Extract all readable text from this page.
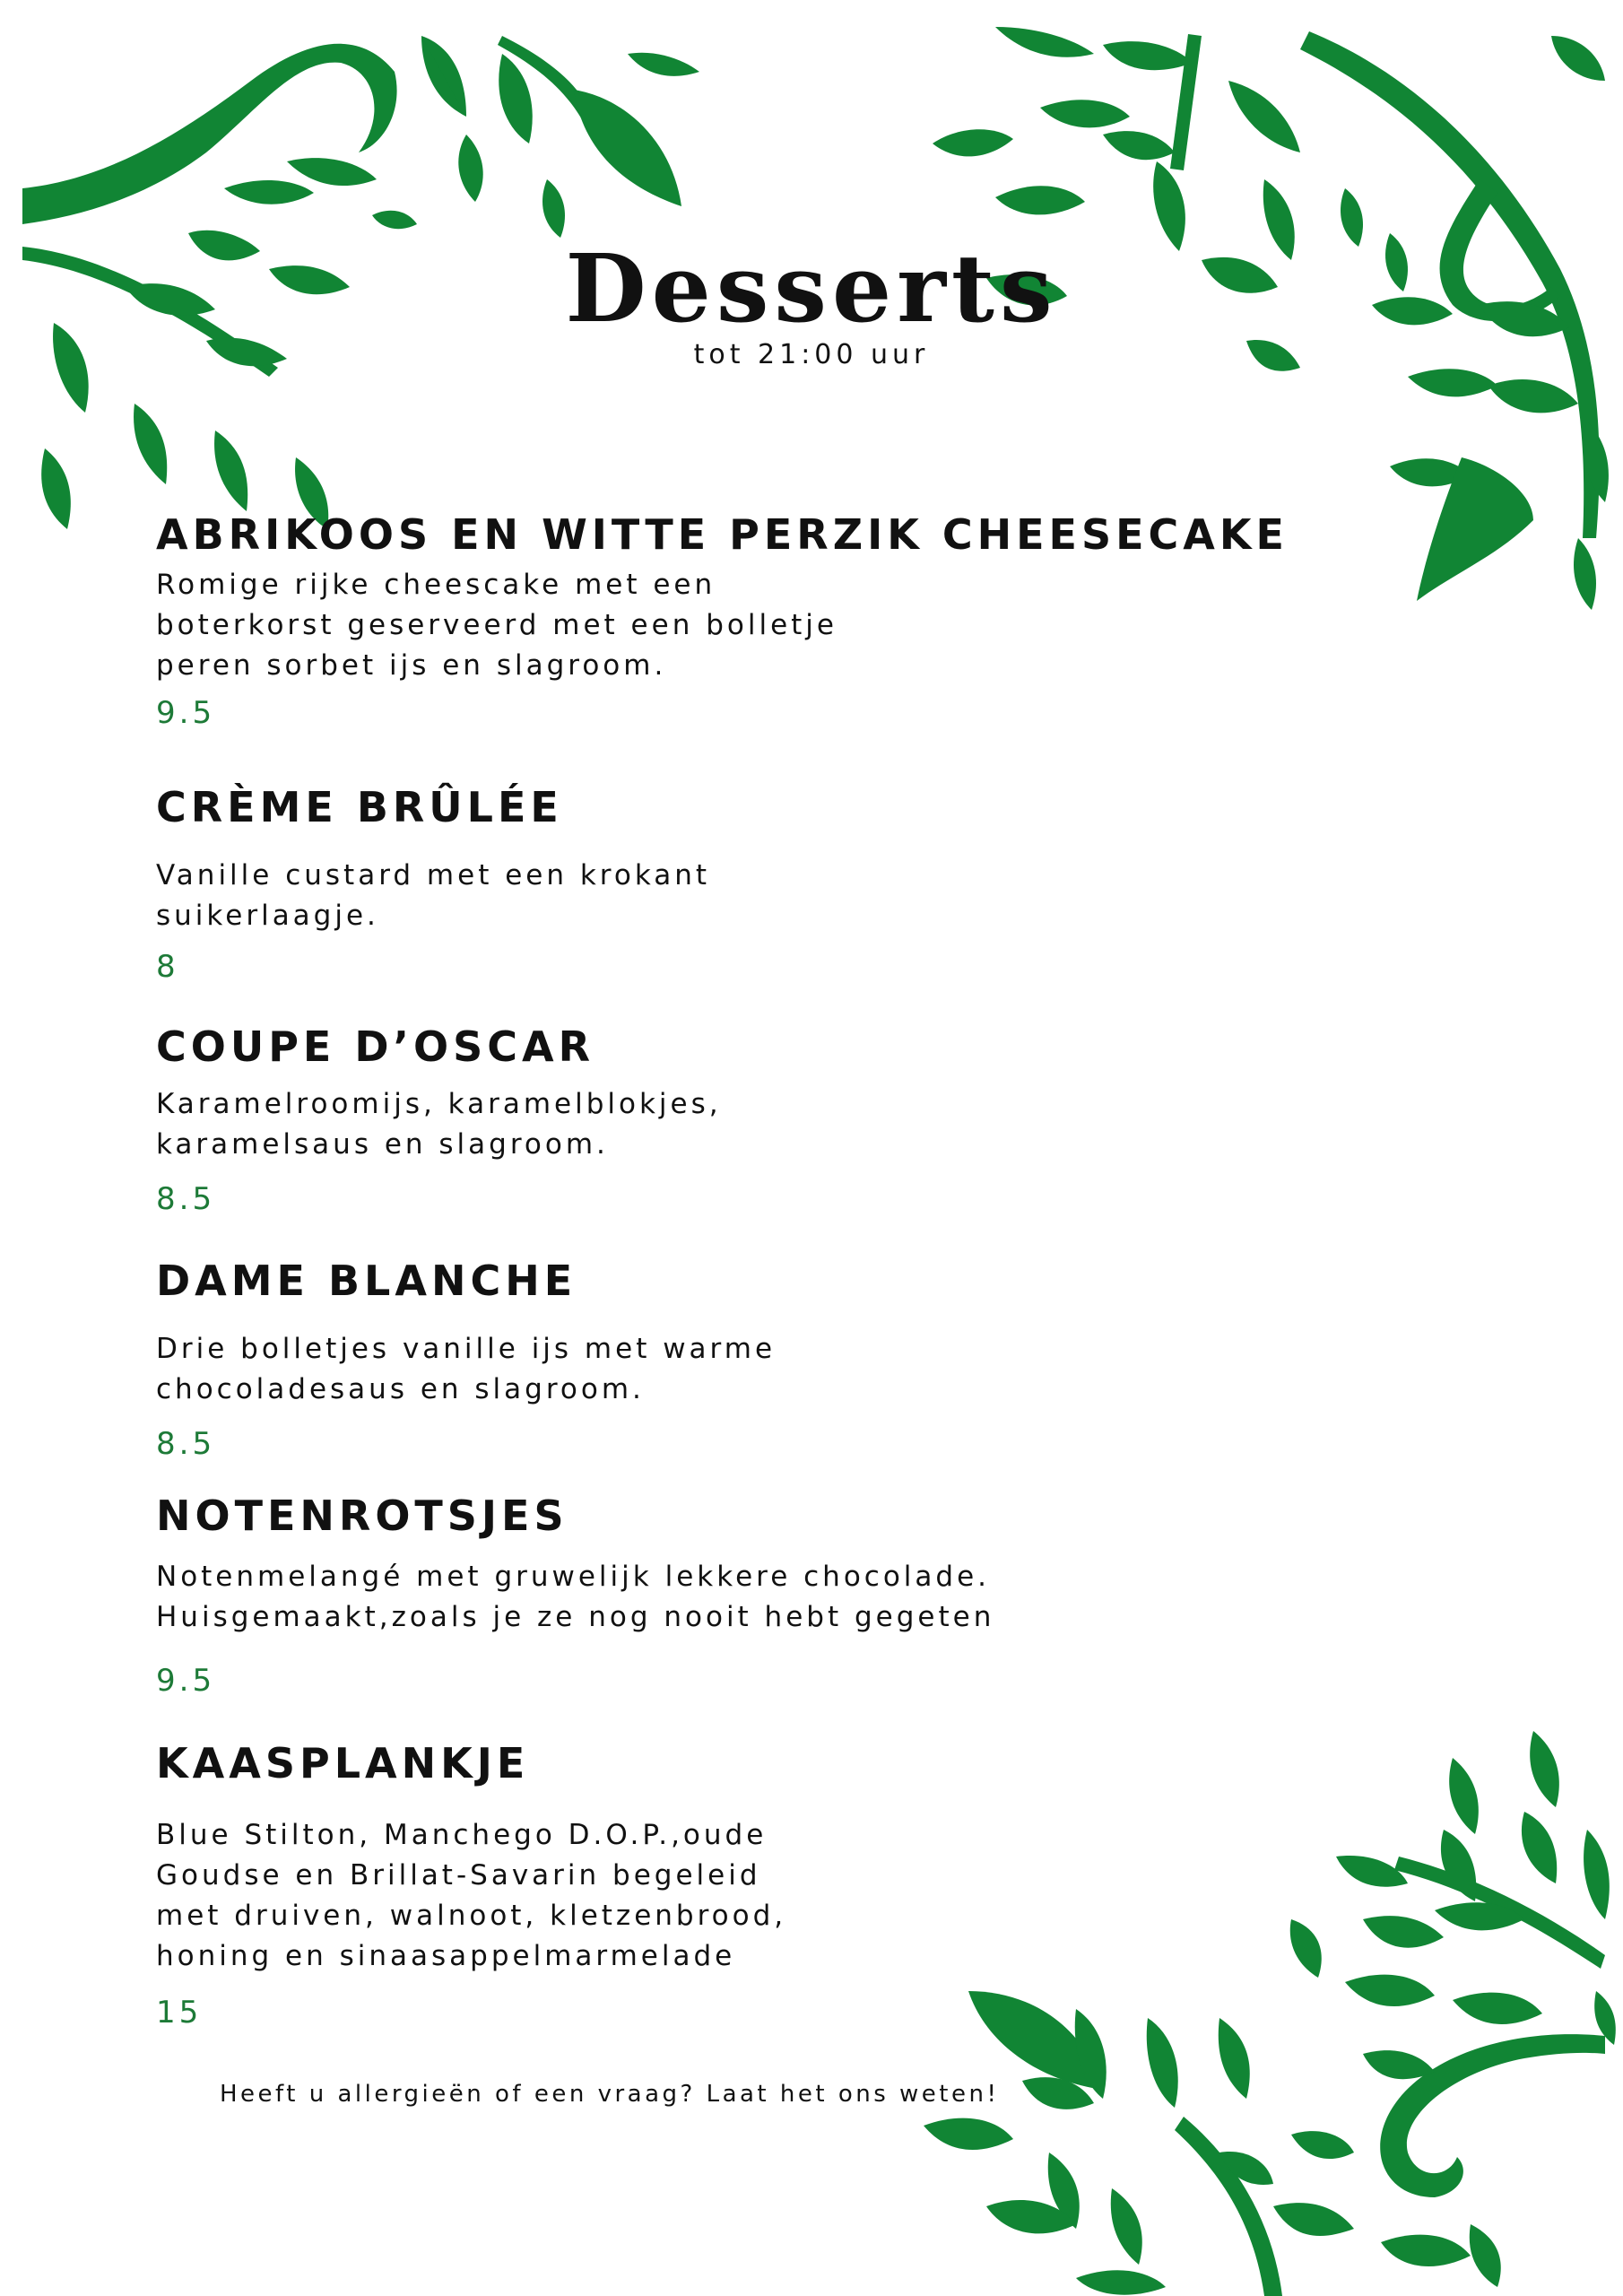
Desserts
tot 21:00 uur
ABRIKOOS EN WITTE PERZIK CHEESECAKE
Romige rijke cheescake met een
boterkorst geserveerd met een bolletje
peren sorbet ijs en slagroom.
9.5
CRÈME BRÛLÉE
Vanille custard met een krokant
suikerlaagje.
8
COUPE D’OSCAR
Karamelroomijs, karamelblokjes,
karamelsaus en slagroom.
8.5
DAME BLANCHE
Drie bolletjes vanille ijs met warme
chocoladesaus en slagroom.
8.5
NOTENROTSJES
Notenmelangé met gruwelijk lekkere chocolade.
Huisgemaakt,zoals je ze nog nooit hebt gegeten
9.5
KAASPLANKJE
Blue Stilton, Manchego D.O.P.,oude
Goudse en Brillat-Savarin begeleid
met druiven, walnoot, kletzenbrood,
honing en sinaasappelmarmelade
15
Heeft u allergieën of een vraag? Laat het ons weten!
